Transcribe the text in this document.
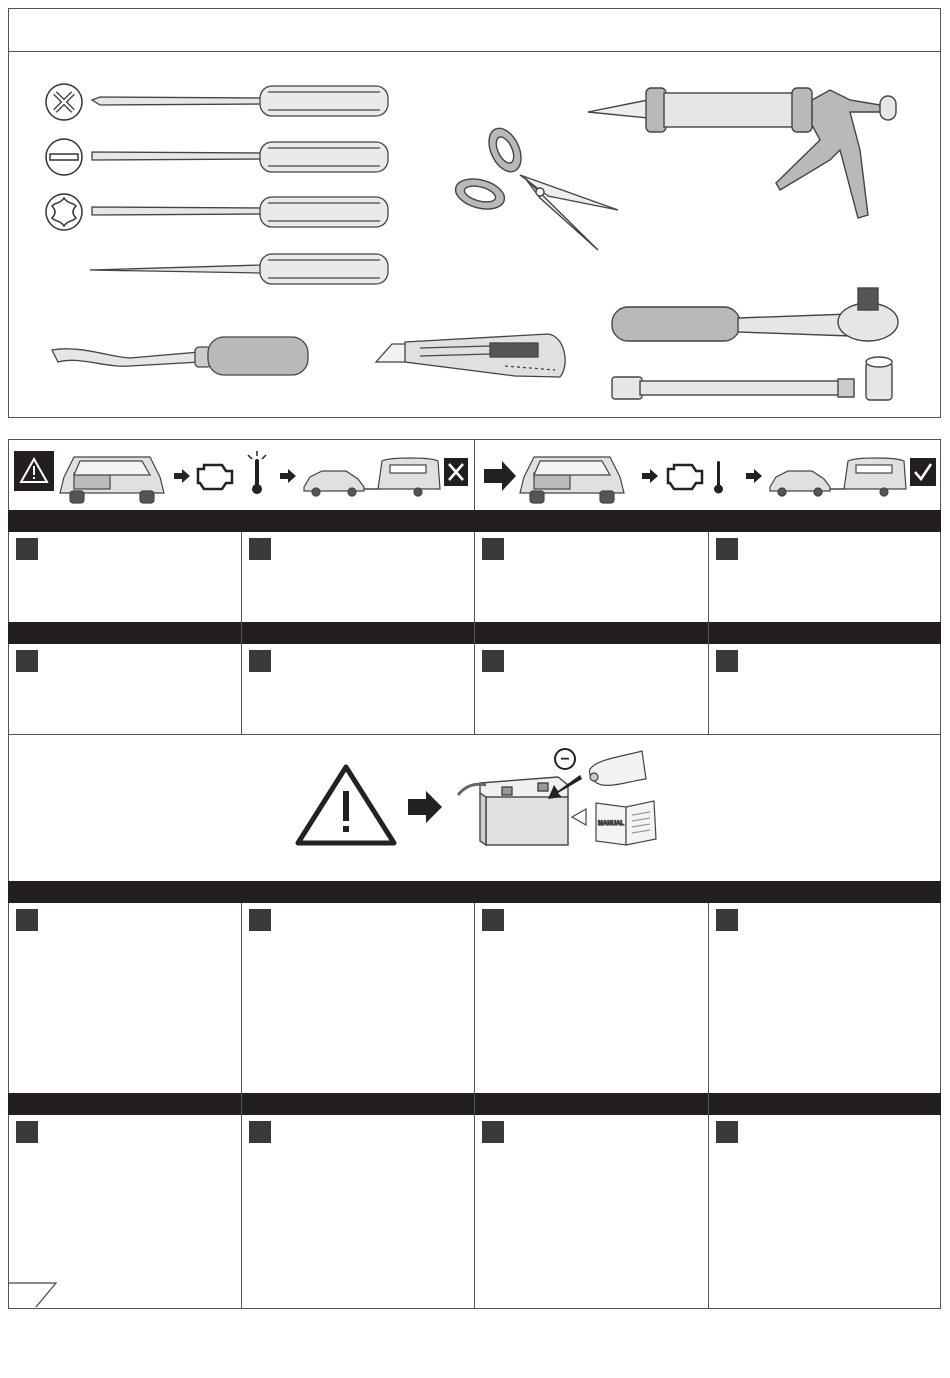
−
MANUAL
